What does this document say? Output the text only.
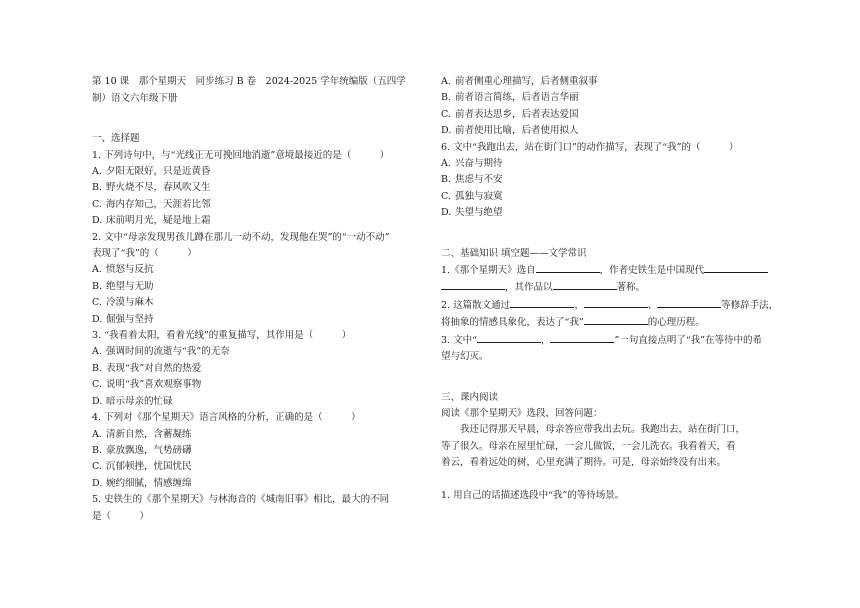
第 10 课　那个星期天　同步练习 B 卷　2024-2025 学年统编版（五四学
制）语文六年级下册
一、选择题
1. 下列诗句中，与“光线正无可挽回地消逝”意境最接近的是（　　　）
A. 夕阳无限好，只是近黄昏
B. 野火烧不尽，春风吹又生
C. 海内存知己，天涯若比邻
D. 床前明月光，疑是地上霜
2. 文中“母亲发现男孩儿蹲在那儿一动不动，发现他在哭”的“一动不动”
表现了“我”的（　　　）
A. 愤怒与反抗
B. 绝望与无助
C. 冷漠与麻木
D. 倔强与坚持
3. “我看着太阳，看着光线”的重复描写，其作用是（　　　）
A. 强调时间的流逝与“我”的无奈
B. 表现“我”对自然的热爱
C. 说明“我”喜欢观察事物
D. 暗示母亲的忙碌
4. 下列对《那个星期天》语言风格的分析，正确的是（　　　）
A. 清新自然，含蓄凝练
B. 豪放飘逸，气势磅礴
C. 沉郁顿挫，忧国忧民
D. 婉约细腻，情感缠绵
5. 史铁生的《那个星期天》与林海音的《城南旧事》相比，最大的不同
是（　　　）
A. 前者侧重心理描写，后者侧重叙事
B. 前者语言简练，后者语言华丽
C. 前者表达思乡，后者表达爱国
D. 前者使用比喻，后者使用拟人
6. 文中“我跑出去，站在街门口”的动作描写，表现了“我”的（　　　）
A. 兴奋与期待
B. 焦虑与不安
C. 孤独与寂寞
D. 失望与绝望
二、基础知识 填空题——文学常识
1.《那个星期天》选自	，作者史铁生是中国现代
，其作品以	著称。
2. 这篇散文通过	、	、	等修辞手法，
将抽象的情感具象化，表达了“我”	的心理历程。
3. 文中“	，	”一句直接点明了“我”在等待中的希
望与幻灭。
三、课内阅读
阅读《那个星期天》选段，回答问题：
我还记得那天早晨，母亲答应带我出去玩。我跑出去，站在街门口，
等了很久。母亲在屋里忙碌，一会儿做饭，一会儿洗衣。我看着天，看
着云，看着远处的树，心里充满了期待。可是，母亲始终没有出来。
1. 用自己的话描述选段中“我”的等待场景。
